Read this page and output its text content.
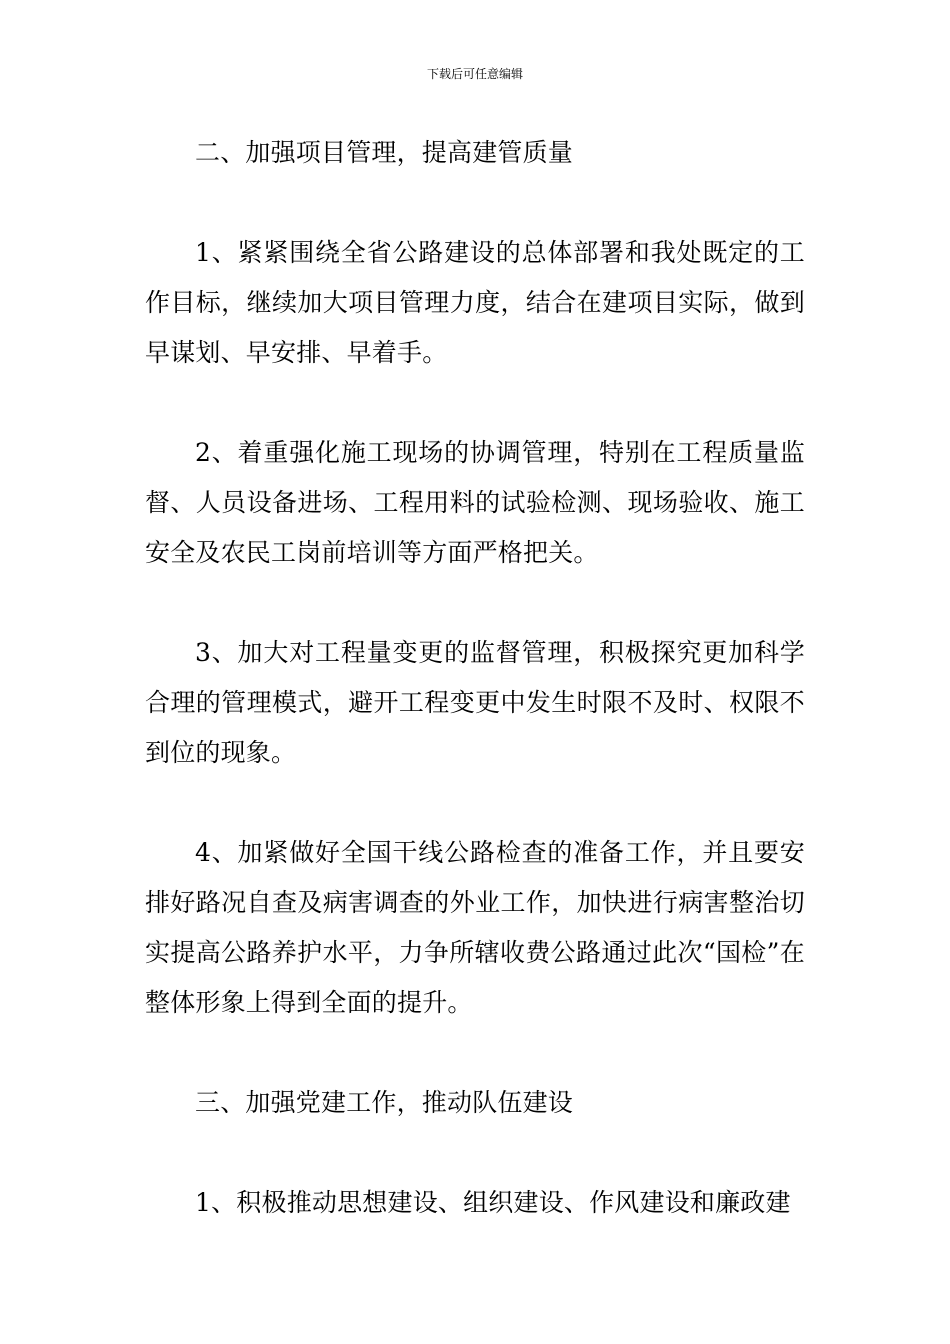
下载后可任意编辑

二、加强项目管理，提高建管质量

1、紧紧围绕全省公路建设的总体部署和我处既定的工作目标，继续加大项目管理力度，结合在建项目实际，做到早谋划、早安排、早着手。

2、着重强化施工现场的协调管理，特别在工程质量监督、人员设备进场、工程用料的试验检测、现场验收、施工安全及农民工岗前培训等方面严格把关。

3、加大对工程量变更的监督管理，积极探究更加科学合理的管理模式，避开工程变更中发生时限不及时、权限不到位的现象。

4、加紧做好全国干线公路检查的准备工作，并且要安排好路况自查及病害调查的外业工作，加快进行病害整治切实提高公路养护水平，力争所辖收费公路通过此次“国检”在整体形象上得到全面的提升。

三、加强党建工作，推动队伍建设

1、积极推动思想建设、组织建设、作风建设和廉政建
